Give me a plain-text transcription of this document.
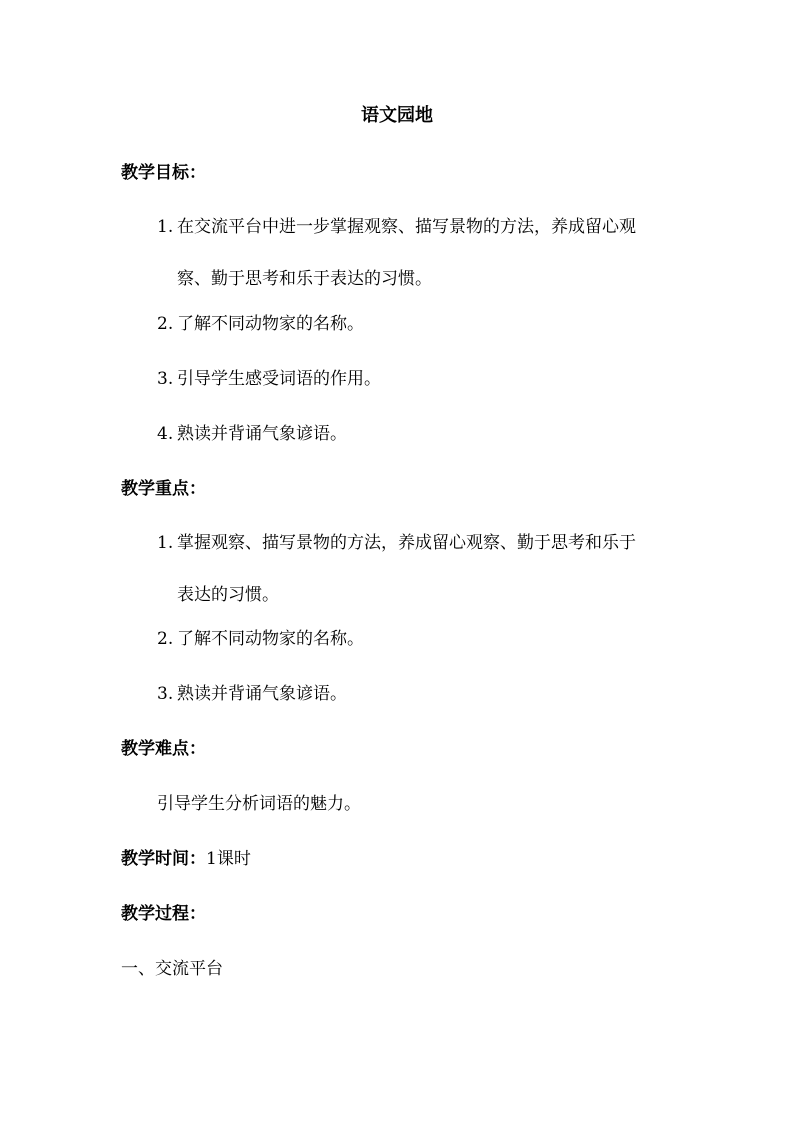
语文园地
教学目标：
1. 在交流平台中进一步掌握观察、描写景物的方法，养成留心观
察、勤于思考和乐于表达的习惯。
2. 了解不同动物家的名称。
3. 引导学生感受词语的作用。
4. 熟读并背诵气象谚语。
教学重点：
1. 掌握观察、描写景物的方法，养成留心观察、勤于思考和乐于
表达的习惯。
2. 了解不同动物家的名称。
3. 熟读并背诵气象谚语。
教学难点：
引导学生分析词语的魅力。
教学时间：1课时
教学过程：
一、交流平台
